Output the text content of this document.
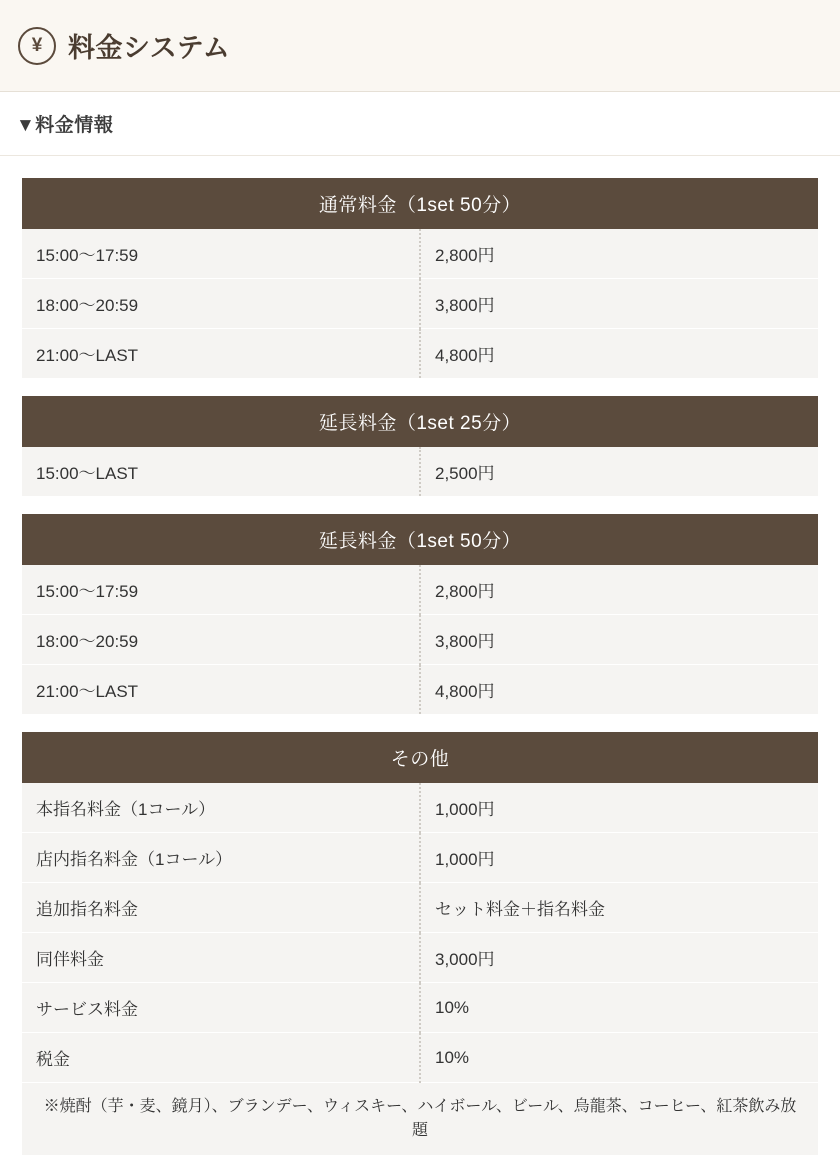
¥ 料金システム
▼料金情報
通常料金（1set 50分）	
15:00〜17:59	2,800円
18:00〜20:59	3,800円
21:00〜LAST	4,800円
延長料金（1set 25分）
15:00〜LAST	2,500円
延長料金（1set 50分）	
15:00〜17:59	2,800円
18:00〜20:59	3,800円
21:00〜LAST	4,800円
その他	
本指名料金（1コール）	1,000円
店内指名料金（1コール）	1,000円
追加指名料金	セット料金＋指名料金
同伴料金	3,000円
サービス料金	10%
税金	10%
※焼酎（芋・麦、鏡月）、ブランデー、ウィスキー、ハイボール、ビール、烏龍茶、コーヒー、紅茶飲み放題	
